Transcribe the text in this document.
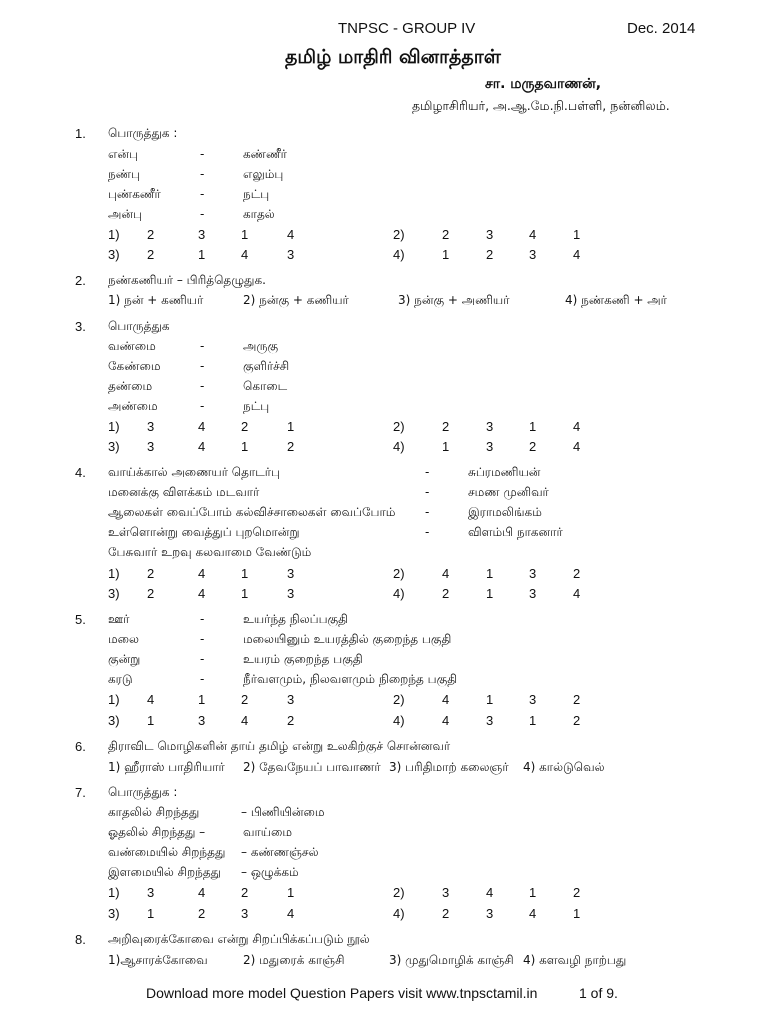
TNPSC - GROUP IV	Dec. 2014
தமிழ் மாதிரி வினாத்தாள்
சா. மருதவாணன்,
தமிழாசிரியர், அ.ஆ.மே.நி.பள்ளி, நன்னிலம்.
1. பொருத்துக :
என்பு	-	கண்ணீர்
நண்பு	-	எலும்பு
புண்கணீர்	-	நட்பு
அன்பு	-	காதல்
1) 2	3	1	4	2)	2	3	4	1
3) 2	1	4	3	4)	1	2	3	4
2. நண்கணியர் – பிரித்தெழுதுக.
1) நன் + கணியர்	2) நன்கு + கணியர்	3) நன்கு + அணியர்	4) நண்கணி + அர்
3. பொருத்துக
வண்மை	-	அருகு
கேண்மை	-	குளிர்ச்சி
தண்மை	-	கொடை
அண்மை	-	நட்பு
1) 3	4	2	1	2)	2	3	1	4
3) 3	4	1	2	4)	1	3	2	4
4. வாய்க்கால் அணையர் தொடர்பு	-	சுப்ரமணியன்
மனைக்கு விளக்கம் மடவார்	-	சமண முனிவர்
ஆலைகள் வைப்போம் கல்விச்சாலைகள் வைப்போம் -	இராமலிங்கம்
உள்ளொன்று வைத்துப் புறமொன்று	-	விளம்பி நாகனார்
பேசுவார் உறவு கலவாமை வேண்டும்
1) 2	4	1	3	2)	4	1	3	2
3) 2	4	1	3	4)	2	1	3	4
5. ஊர்	-	உயர்ந்த நிலப்பகுதி
மலை	-	மலையினும் உயரத்தில் குறைந்த பகுதி
குன்று	-	உயரம் குறைந்த பகுதி
கரடு	-	நீர்வளமும், நிலவளமும் நிறைந்த பகுதி
1) 4	1	2	3	2)	4	1	3	2
3) 1	3	4	2	4)	4	3	1	2
6. திராவிட மொழிகளின் தாய் தமிழ் என்று உலகிற்குச் சொன்னவர்
1) ஹீராஸ் பாதிரியார் 2) தேவநேயப் பாவாணர் 3) பரிதிமாற் கலைஞர் 4) கால்டுவெல்
7. பொருத்துக :
காதலில் சிறந்தது	– பிணியின்மை
ஓதலில் சிறந்தது –	வாய்மை
வண்மையில் சிறந்தது – கண்ணஞ்சல்
இளமையில் சிறந்தது – ஒழுக்கம்
1) 3	4	2	1	2)	3	4	1	2
3) 1	2	3	4	4)	2	3	4	1
8. அறிவுரைக்கோவை என்று சிறப்பிக்கப்படும் நூல்
1)ஆசாரக்கோவை	2) மதுரைக் காஞ்சி	3) முதுமொழிக் காஞ்சி 4) களவழி நாற்பது
Download more model Question Papers visit www.tnpsctamil.in	1 of 9.
